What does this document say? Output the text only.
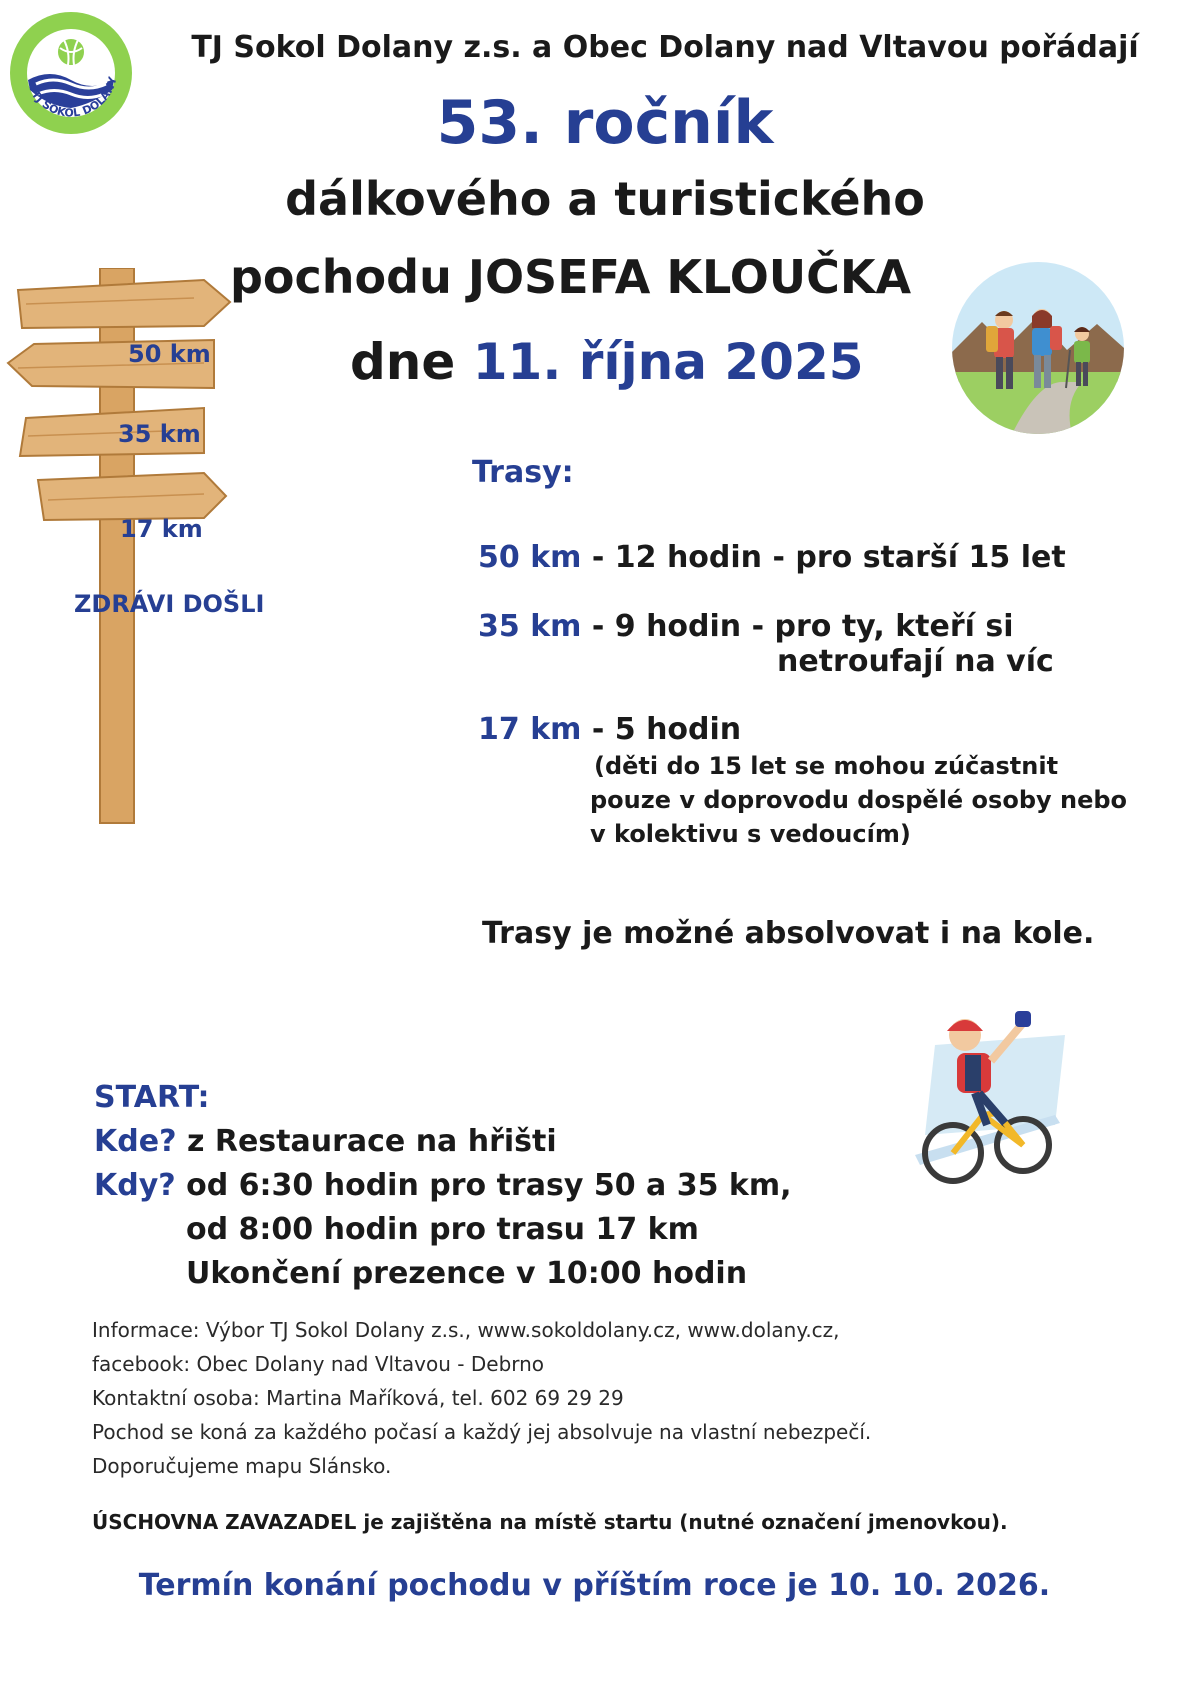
TJ SOKOL DOLANY
TJ Sokol Dolany z.s. a Obec Dolany nad Vltavou pořádají
53. ročník
dálkového a turistického
pochodu JOSEFA KLOUČKA
dne 11. října 2025
50 km
35 km
17 km
ZDRÁVI DOŠLI
Trasy:
50 km - 12 hodin - pro starší 15 let
35 km - 9 hodin - pro ty, kteří si
netroufají na víc
17 km - 5 hodin
(děti do 15 let se mohou zúčastnit
pouze v doprovodu dospělé osoby nebo
v kolektivu s vedoucím)
Trasy je možné absolvovat i na kole.
START:
Kde? z Restaurace na hřišti
Kdy? od 6:30 hodin pro trasy 50 a 35 km,
od 8:00 hodin pro trasu 17 km
Ukončení prezence v 10:00 hodin
Informace: Výbor TJ Sokol Dolany z.s., www.sokoldolany.cz, www.dolany.cz,
facebook: Obec Dolany nad Vltavou - Debrno
Kontaktní osoba: Martina Maříková, tel. 602 69 29 29
Pochod se koná za každého počasí a každý jej absolvuje na vlastní nebezpečí.
Doporučujeme mapu Slánsko.
ÚSCHOVNA ZAVAZADEL je zajištěna na místě startu (nutné označení jmenovkou).
Termín konání pochodu v příštím roce je 10. 10. 2026.
